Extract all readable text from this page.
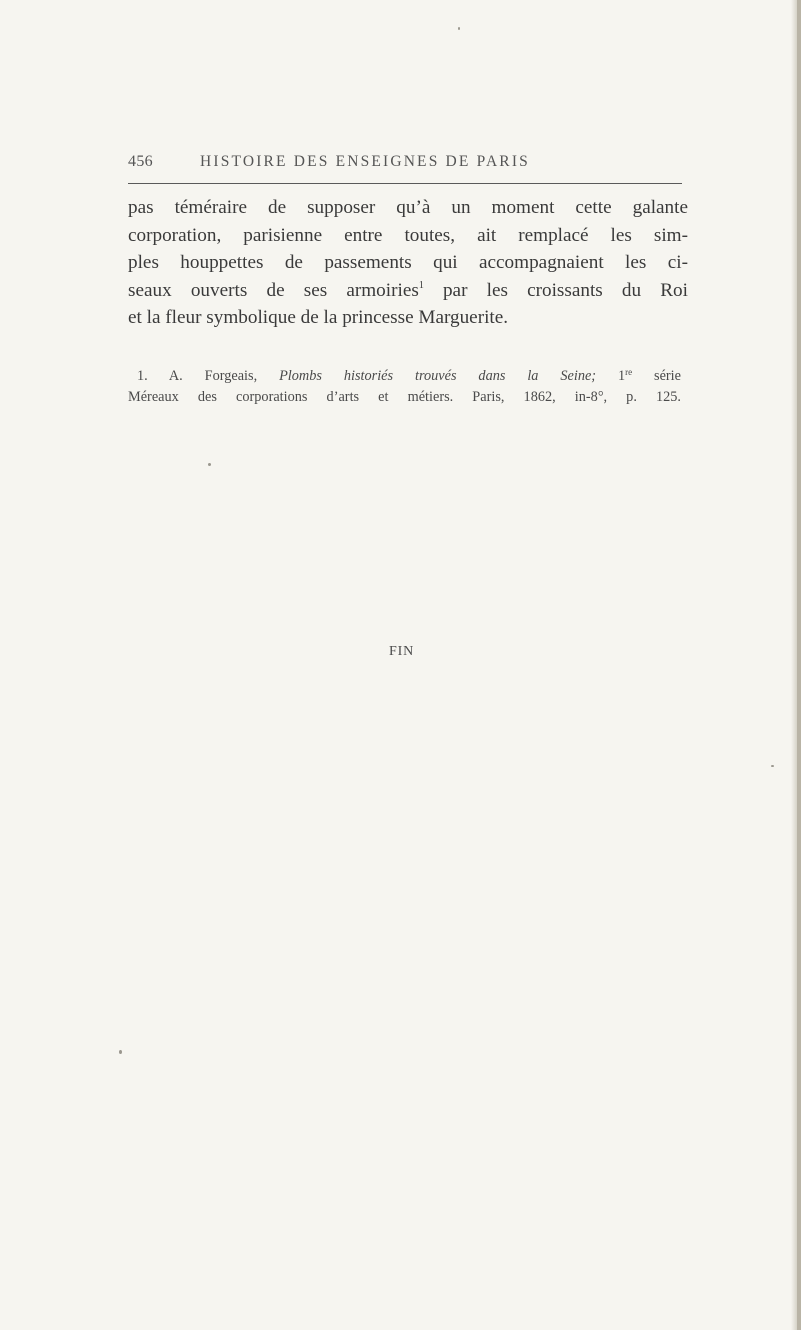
456	HISTOIRE DES ENSEIGNES DE PARIS
pas téméraire de supposer qu’à un moment cette galante
corporation, parisienne entre toutes, ait remplacé les sim-
ples houppettes de passements qui accompagnaient les ci-
seaux ouverts de ses armoiries$^1$ par les croissants du Roi
et la fleur symbolique de la princesse Marguerite.
1. A. Forgeais, Plombs historiés trouvés dans la Seine; 1re série
Méreaux des corporations d’arts et métiers. Paris, 1862, in-8°, p. 125.
FIN
